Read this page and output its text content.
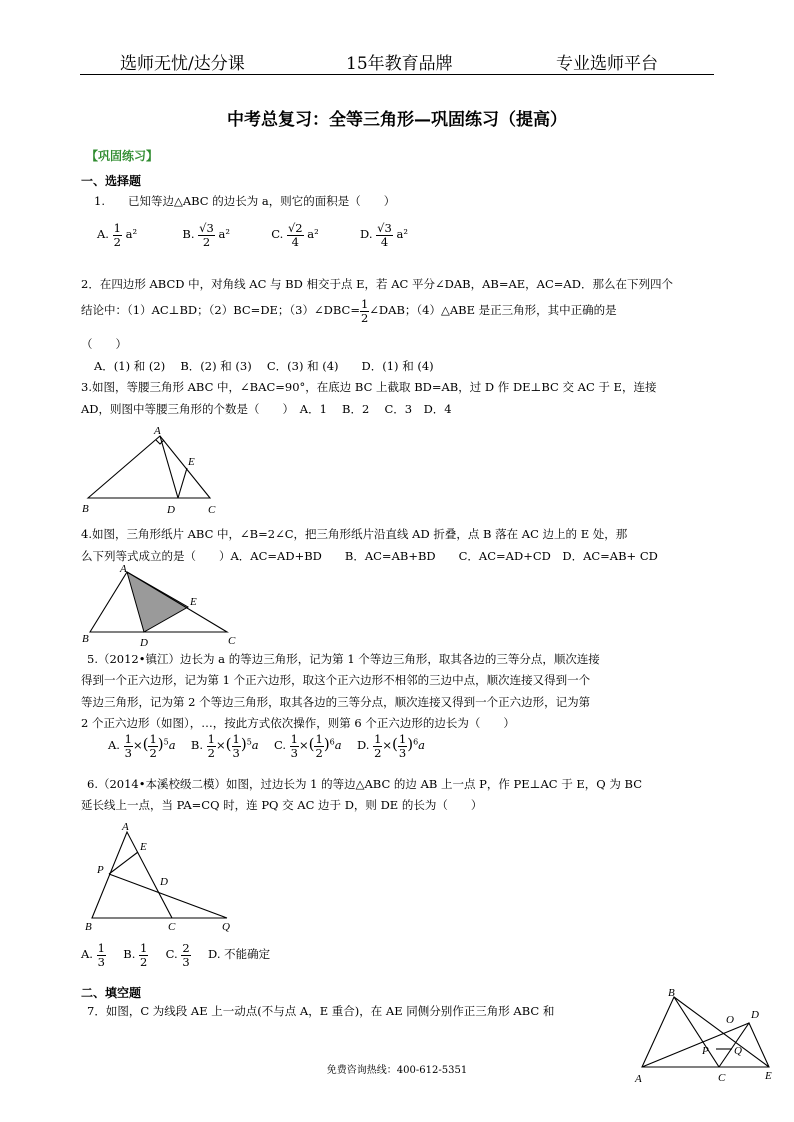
选师无忧/达分课	15年教育品牌	专业选师平台
中考总复习：全等三角形—巩固练习（提高）
【巩固练习】
一、选择题
1.　　已知等边△ABC 的边长为 a，则它的面积是（　　）
A. $\frac{1}{2} a^2$	B. $\frac{√3}{2} a^2$	C. $\frac{√2}{4} a^2$	D. $\frac{√3}{4} a^2$
2．在四边形 ABCD 中，对角线 AC 与 BD 相交于点 E，若 AC 平分∠DAB，AB=AE，AC=AD．那么在下列四个
结论中：（1）AC⊥BD；（2）BC=DE；（3）∠DBC= $\frac{1}{2}$ ∠DAB；（4）△ABE 是正三角形，其中正确的是
（　　）
A．(1) 和 (2)　 B．(2) 和 (3)　 C．(3) 和 (4)　　D．(1) 和 (4)
3.如图，等腰三角形 ABC 中，∠BAC=90°，在底边 BC 上截取 BD=AB，过 D 作 DE⊥BC 交 AC 于 E，连接
AD，则图中等腰三角形的个数是（　　）　A．1　 B．2　 C．3　D．4
A
E
B	D	C
4.如图，三角形纸片 ABC 中，∠B=2∠C，把三角形纸片沿直线 AD 折叠，点 B 落在 AC 边上的 E 处，那
么下列等式成立的是（　　）A．AC=AD+BD　　B．AC=AB+BD　　C．AC=AD+CD　D．AC=AB+ CD
A
E
B	D	C
5.（2012•镇江）边长为 a 的等边三角形，记为第 1 个等边三角形，取其各边的三等分点，顺次连接
得到一个正六边形，记为第 1 个正六边形，取这个正六边形不相邻的三边中点，顺次连接又得到一个
等边三角形，记为第 2 个等边三角形，取其各边的三等分点，顺次连接又得到一个正六边形，记为第
2 个正六边形（如图），…，按此方式依次操作，则第 6 个正六边形的边长为（　　）
A. $\frac{1}{3}$ ×( $\frac{1}{2} )^5a$ B. $\frac{1}{2}$ ×( $\frac{1}{3} )^5a$ C. $\frac{1}{3}$ ×( $\frac{1}{2} )^6a$ D. $\frac{1}{2}$ ×( $\frac{1}{3} )^6a$
6.（2014•本溪校级二模）如图，过边长为 1 的等边△ABC 的边 AB 上一点 P，作 PE⊥AC 于 E，Q 为 BC
延长线上一点，当 PA=CQ 时，连 PQ 交 AC 边于 D，则 DE 的长为（　　）
A
E
P
D
B	C	Q
A. $\frac{1}{3} B$. $\frac{1}{2} C$. $\frac{2}{3} D$. 不能确定
二、填空题
7．如图，C 为线段 AE 上一动点(不与点 A，E 重合)，在 AE 同侧分别作正三角形 ABC 和
B
O D
P Q
A	C	E
免费咨询热线：400-612-5351
